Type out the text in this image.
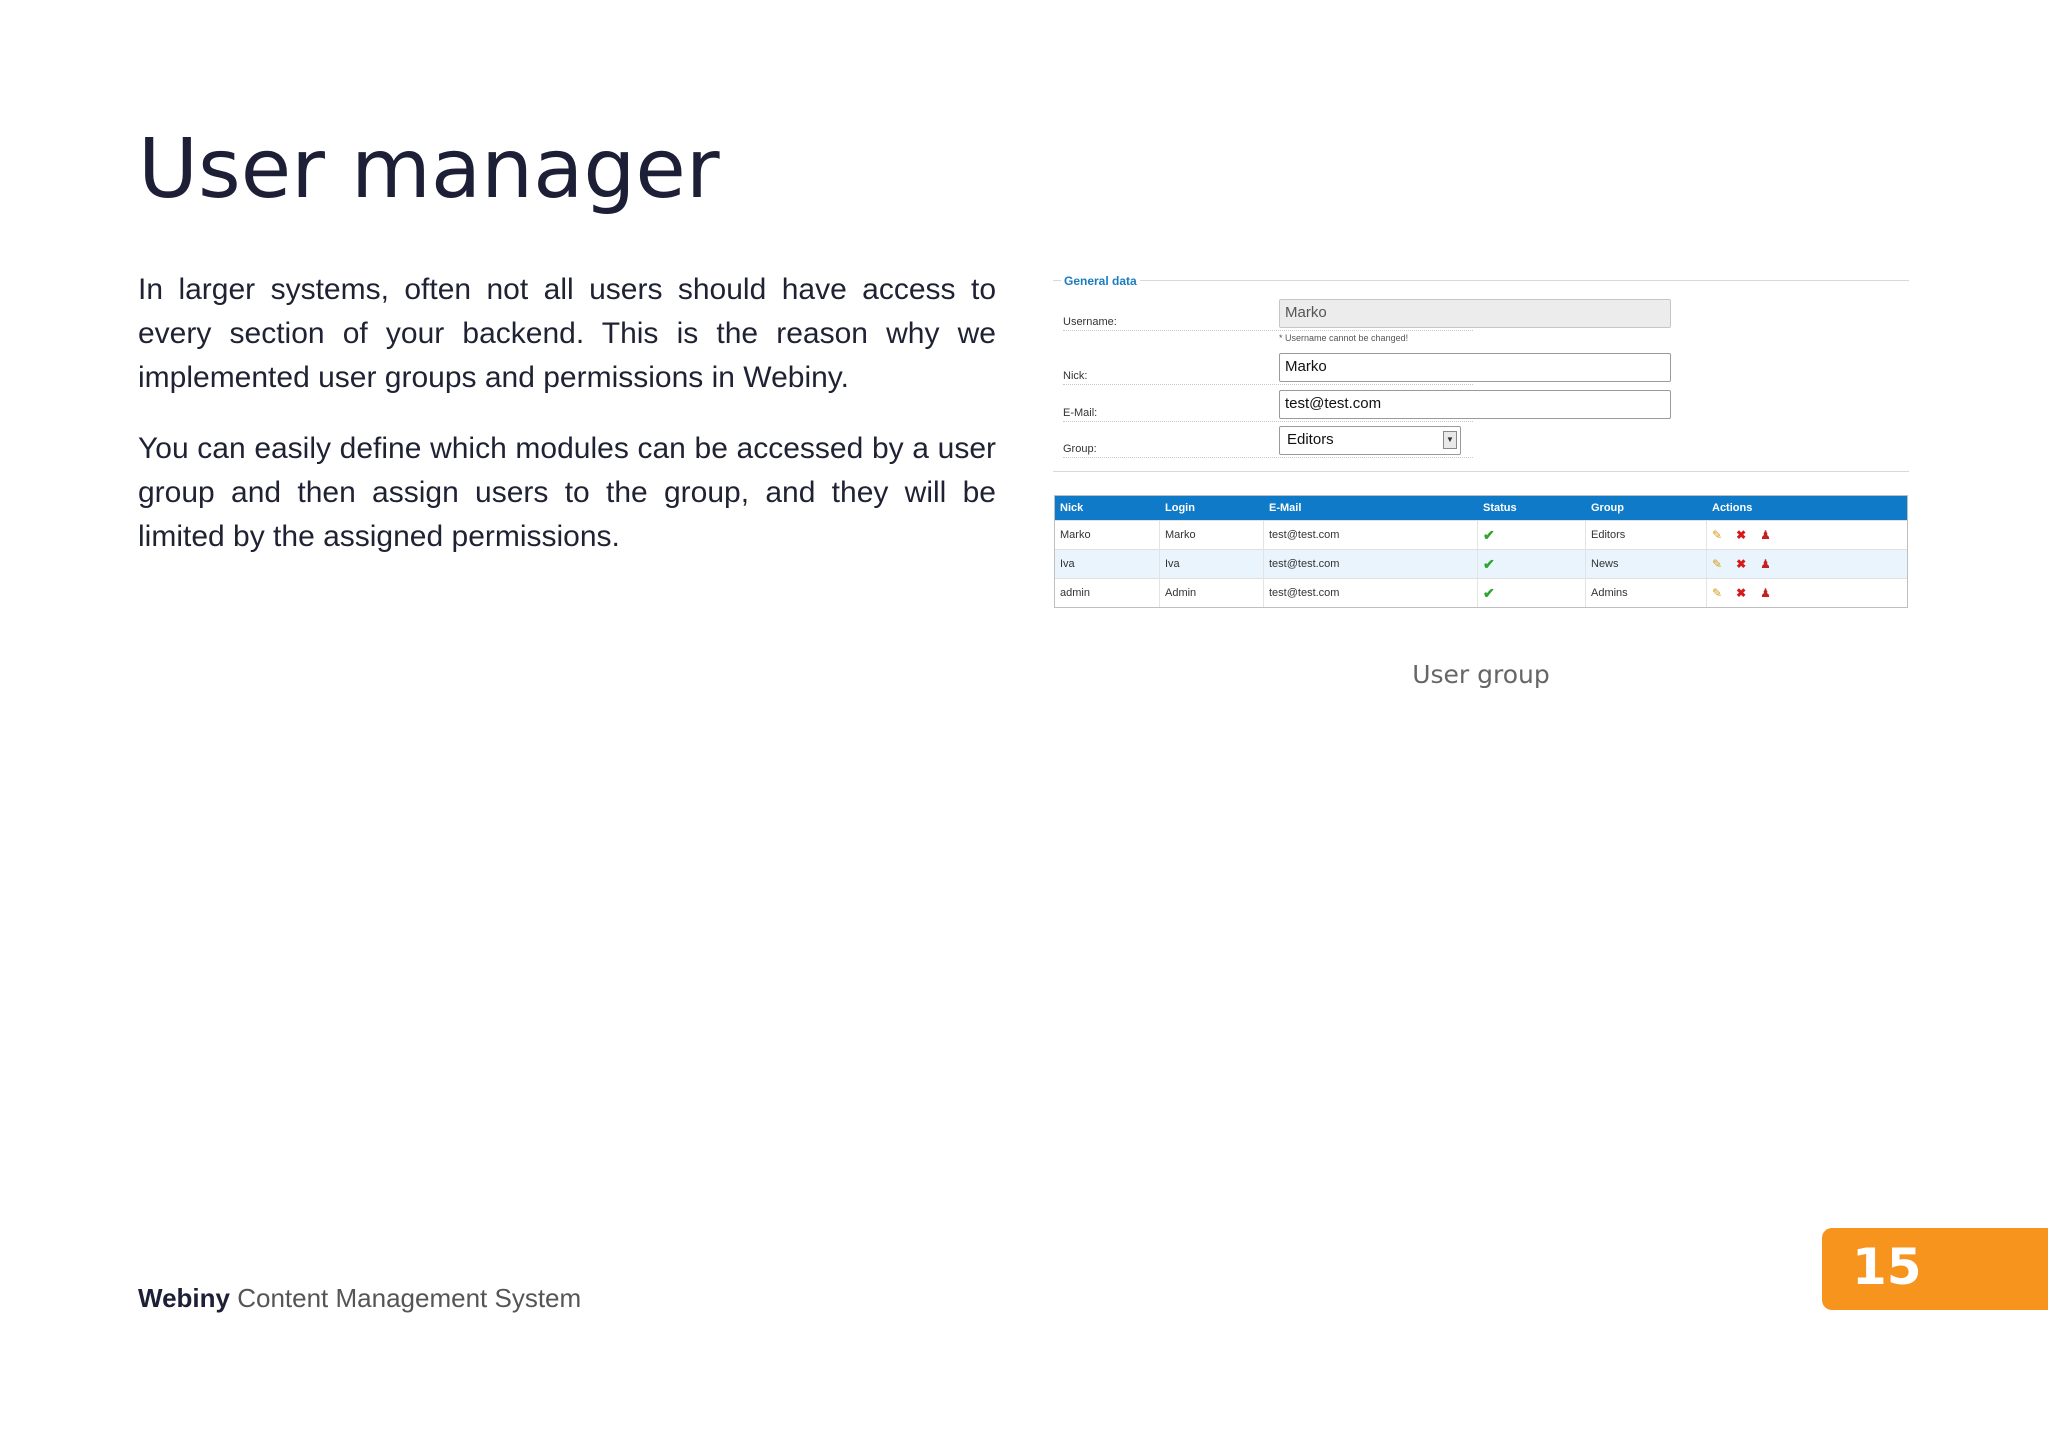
User manager

In larger systems, often not all users should have access to every section of your backend. This is the reason why we implemented user groups and permissions in Webiny.

You can easily define which modules can be accessed by a user group and then assign users to the group, and they will be limited by the assigned permissions.

General data
Username:
Marko
* Username cannot be changed!
Nick:
Marko
E-Mail:
test@test.com
Group:
Editors	▼
Nick	Login	E-Mail	Status	Group	Actions
Marko	Marko	test@test.com	✔	Editors	✎ ✖ ♟
Iva	Iva	test@test.com	✔	News	✎ ✖ ♟
admin	Admin	test@test.com	✔	Admins	✎ ✖ ♟
User group
Webiny Content Management System
15
